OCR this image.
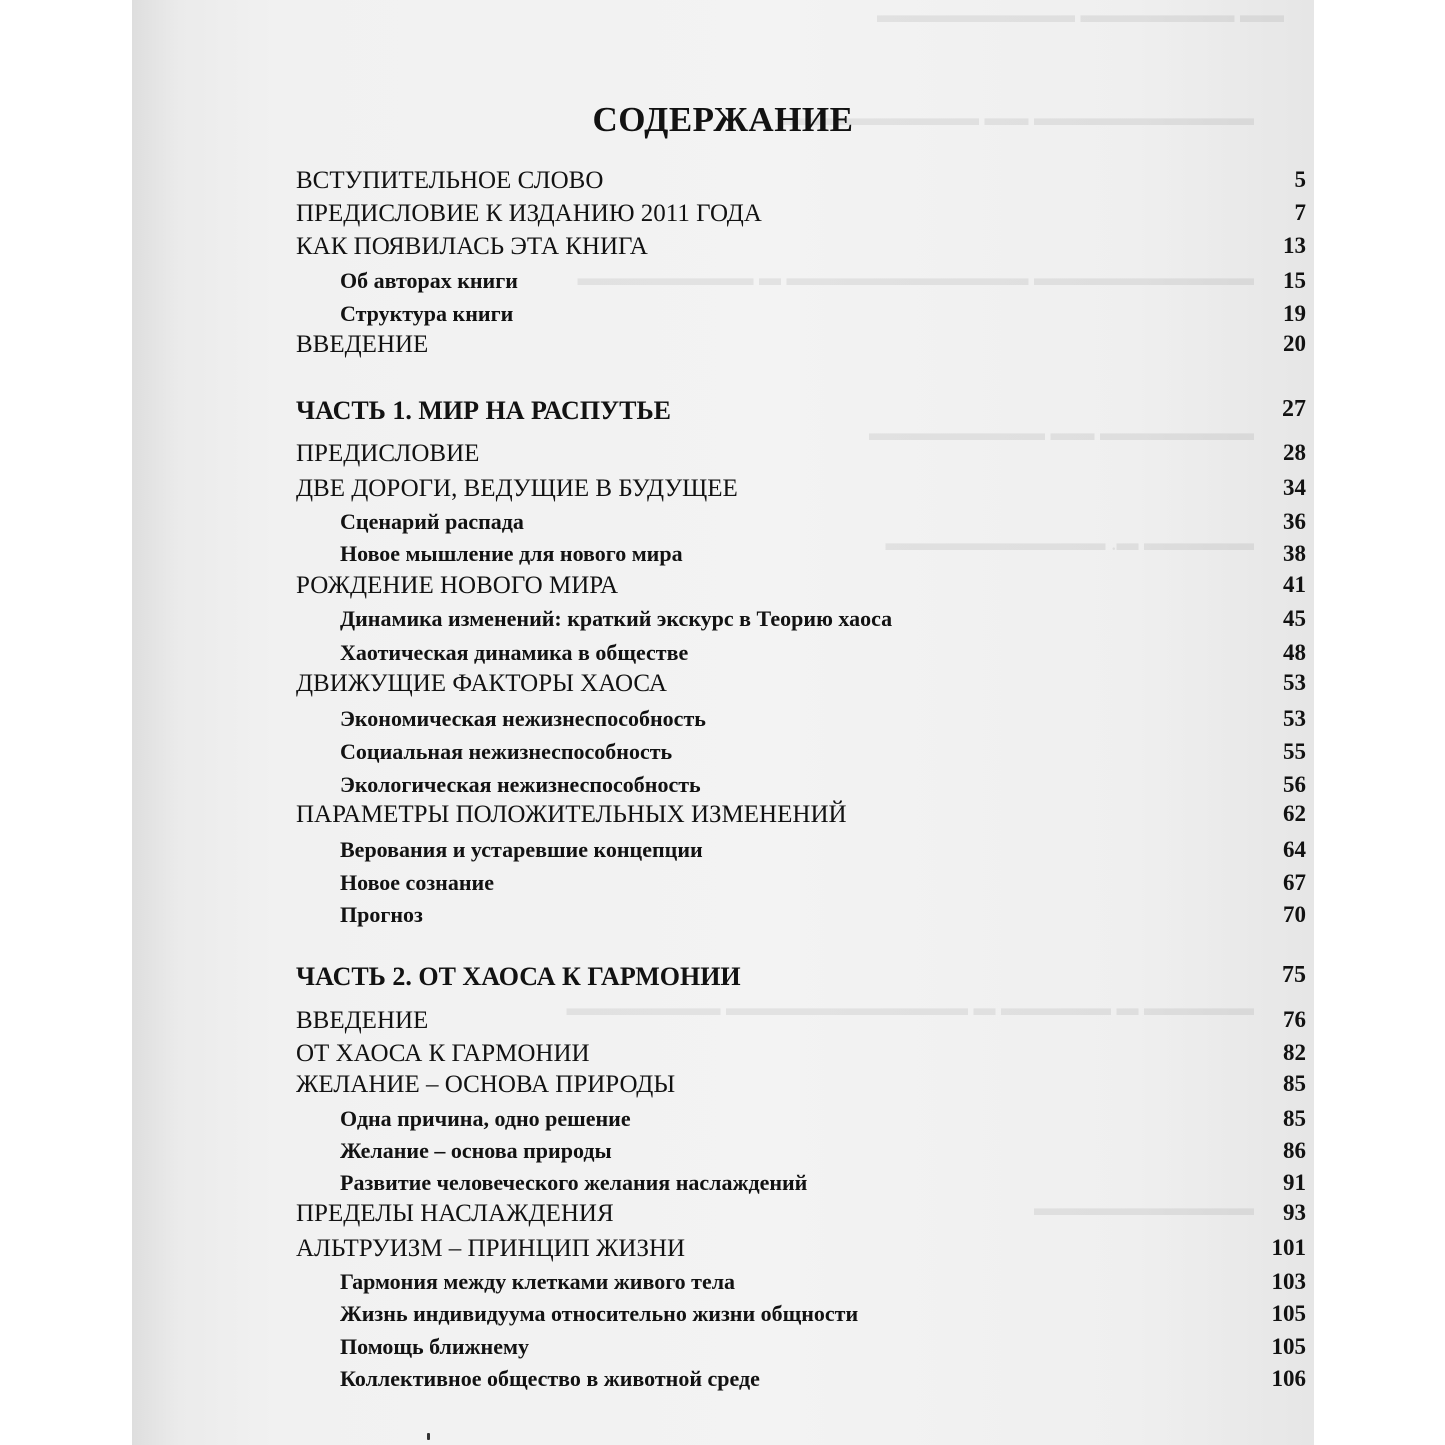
▬▬ ▬▬▬▬▬▬▬ ▬▬▬▬▬▬▬▬▬
▬▬▬▬▬▬▬▬▬▬ ▬▬ ▬▬▬▬▬▬▬▬▬
▬▬▬▬▬▬▬▬▬▬ ▬▬▬▬▬▬▬▬▬▬▬ ▬ ▬▬▬▬▬▬▬▬
▬▬▬▬▬▬▬ ▬▬ ▬▬▬▬▬▬▬▬
▬▬▬▬▬ ▬. ▬▬▬▬▬▬▬▬▬▬
▬▬▬▬▬ ▬ ▬▬▬▬▬ ▬ ▬▬▬▬▬▬▬▬▬▬▬ ▬▬▬▬▬▬▬
▬▬▬▬▬▬▬▬▬▬
СОДЕРЖАНИЕ
ВСТУПИТЕЛЬНОЕ СЛОВО	5
ПРЕДИСЛОВИЕ К ИЗДАНИЮ 2011 ГОДА	7
КАК ПОЯВИЛАСЬ ЭТА КНИГА	13
Об авторах книги	15
Структура книги	19
ВВЕДЕНИЕ	20
ЧАСТЬ 1. МИР НА РАСПУТЬЕ	27
ПРЕДИСЛОВИЕ	28
ДВЕ ДОРОГИ, ВЕДУЩИЕ В БУДУЩЕЕ	34
Сценарий распада	36
Новое мышление для нового мира	38
РОЖДЕНИЕ НОВОГО МИРА	41
Динамика изменений: краткий экскурс в Теорию хаоса	45
Хаотическая динамика в обществе	48
ДВИЖУЩИЕ ФАКТОРЫ ХАОСА	53
Экономическая нежизнеспособность	53
Социальная нежизнеспособность	55
Экологическая нежизнеспособность	56
ПАРАМЕТРЫ ПОЛОЖИТЕЛЬНЫХ ИЗМЕНЕНИЙ	62
Верования и устаревшие концепции	64
Новое сознание	67
Прогноз	70
ЧАСТЬ 2. ОТ ХАОСА К ГАРМОНИИ	75
ВВЕДЕНИЕ	76
ОТ ХАОСА К ГАРМОНИИ	82
ЖЕЛАНИЕ – ОСНОВА ПРИРОДЫ	85
Одна причина, одно решение	85
Желание – основа природы	86
Развитие человеческого желания наслаждений	91
ПРЕДЕЛЫ НАСЛАЖДЕНИЯ	93
АЛЬТРУИЗМ – ПРИНЦИП ЖИЗНИ	101
Гармония между клетками живого тела	103
Жизнь индивидуума относительно жизни общности	105
Помощь ближнему	105
Коллективное общество в животной среде	106
